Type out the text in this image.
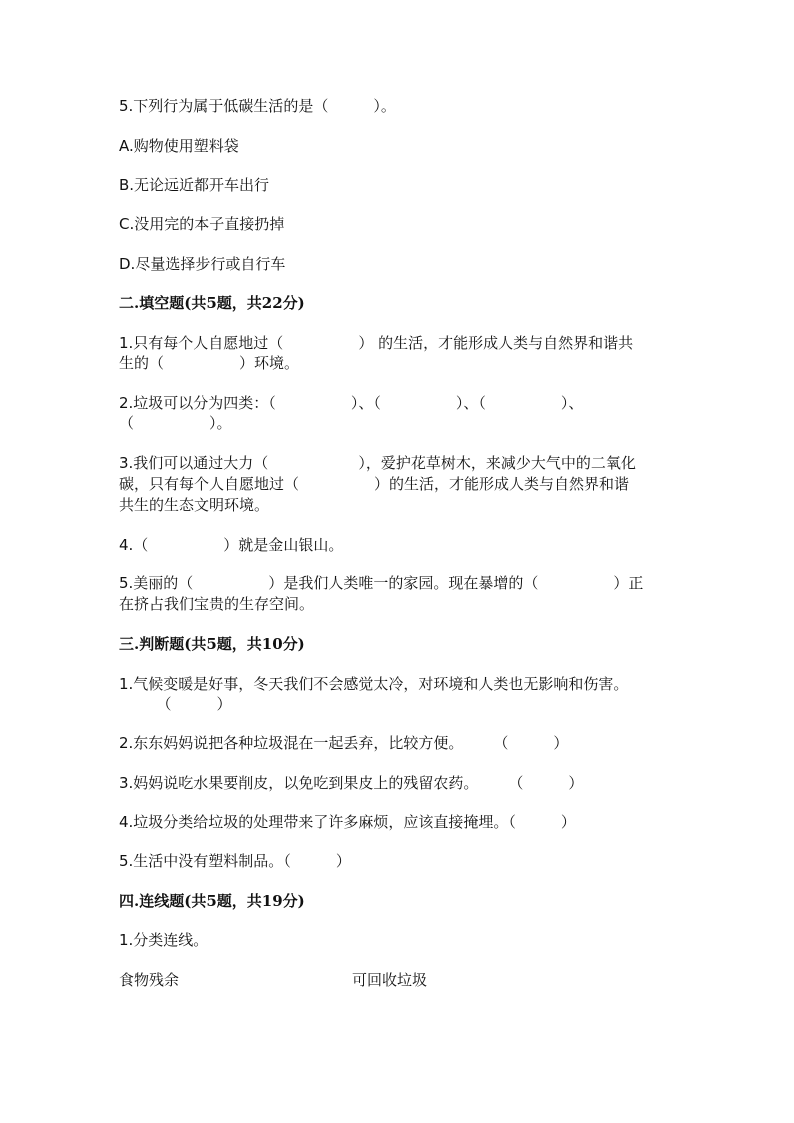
5.下列行为属于低碳生活的是（　　　）。
A.购物使用塑料袋
B.无论远近都开车出行
C.没用完的本子直接扔掉
D.尽量选择步行或自行车
二.填空题(共5题，共22分)
1.只有每个人自愿地过（　　　　　） 的生活，才能形成人类与自然界和谐共
生的（　　　　　）环境。
2.垃圾可以分为四类：（　　　　　）、（　　　　　）、（　　　　　）、
（　　　　　）。
3.我们可以通过大力（　　　　　　），爱护花草树木，来减少大气中的二氧化
碳，只有每个人自愿地过（　　　　　）的生活，才能形成人类与自然界和谐
共生的生态文明环境。
4.（　　　　　）就是金山银山。
5.美丽的（　　　　　）是我们人类唯一的家园。现在暴增的（　　　　　）正
在挤占我们宝贵的生存空间。
三.判断题(共5题，共10分)
1.气候变暖是好事，冬天我们不会感觉太冷，对环境和人类也无影响和伤害。
　　　（　　　）
2.东东妈妈说把各种垃圾混在一起丢弃，比较方便。　　　（　　　）
3.妈妈说吃水果要削皮，以免吃到果皮上的残留农药。　　　（　　　）
4.垃圾分类给垃圾的处理带来了许多麻烦，应该直接掩埋。（　　　）
5.生活中没有塑料制品。（　　　）
四.连线题(共5题，共19分)
1.分类连线。
食物残余	可回收垃圾
